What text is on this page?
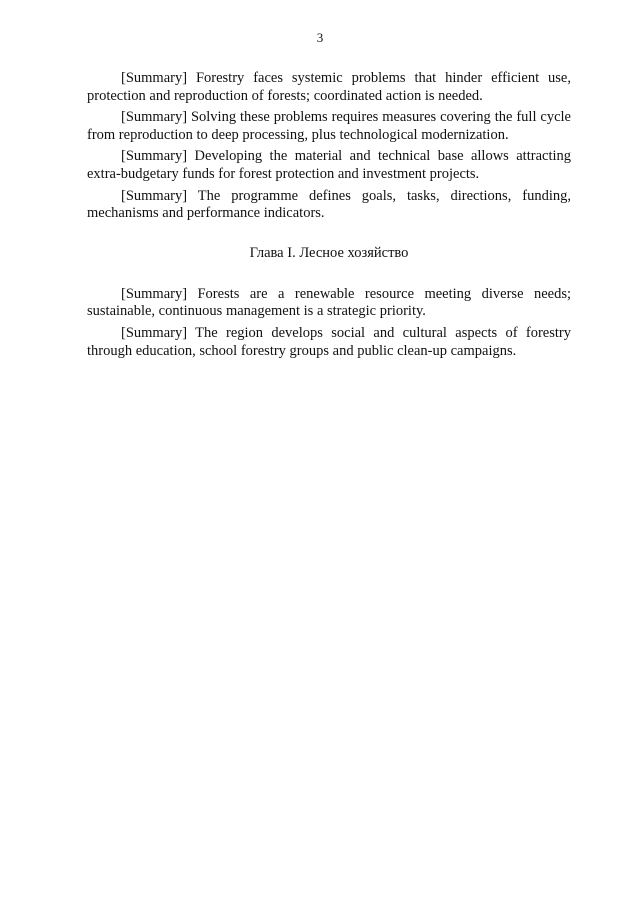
3

[Summary] Forestry faces systemic problems that hinder efficient use, protection and reproduction of forests; coordinated action is needed.

[Summary] Solving these problems requires measures covering the full cycle from reproduction to deep processing, plus technological modernization.

[Summary] Developing the material and technical base allows attracting extra-budgetary funds for forest protection and investment projects.

[Summary] The programme defines goals, tasks, directions, funding, mechanisms and performance indicators.

Глава I. Лесное хозяйство

[Summary] Forests are a renewable resource meeting diverse needs; sustainable, continuous management is a strategic priority.

[Summary] The region develops social and cultural aspects of forestry through education, school forestry groups and public clean-up campaigns.
